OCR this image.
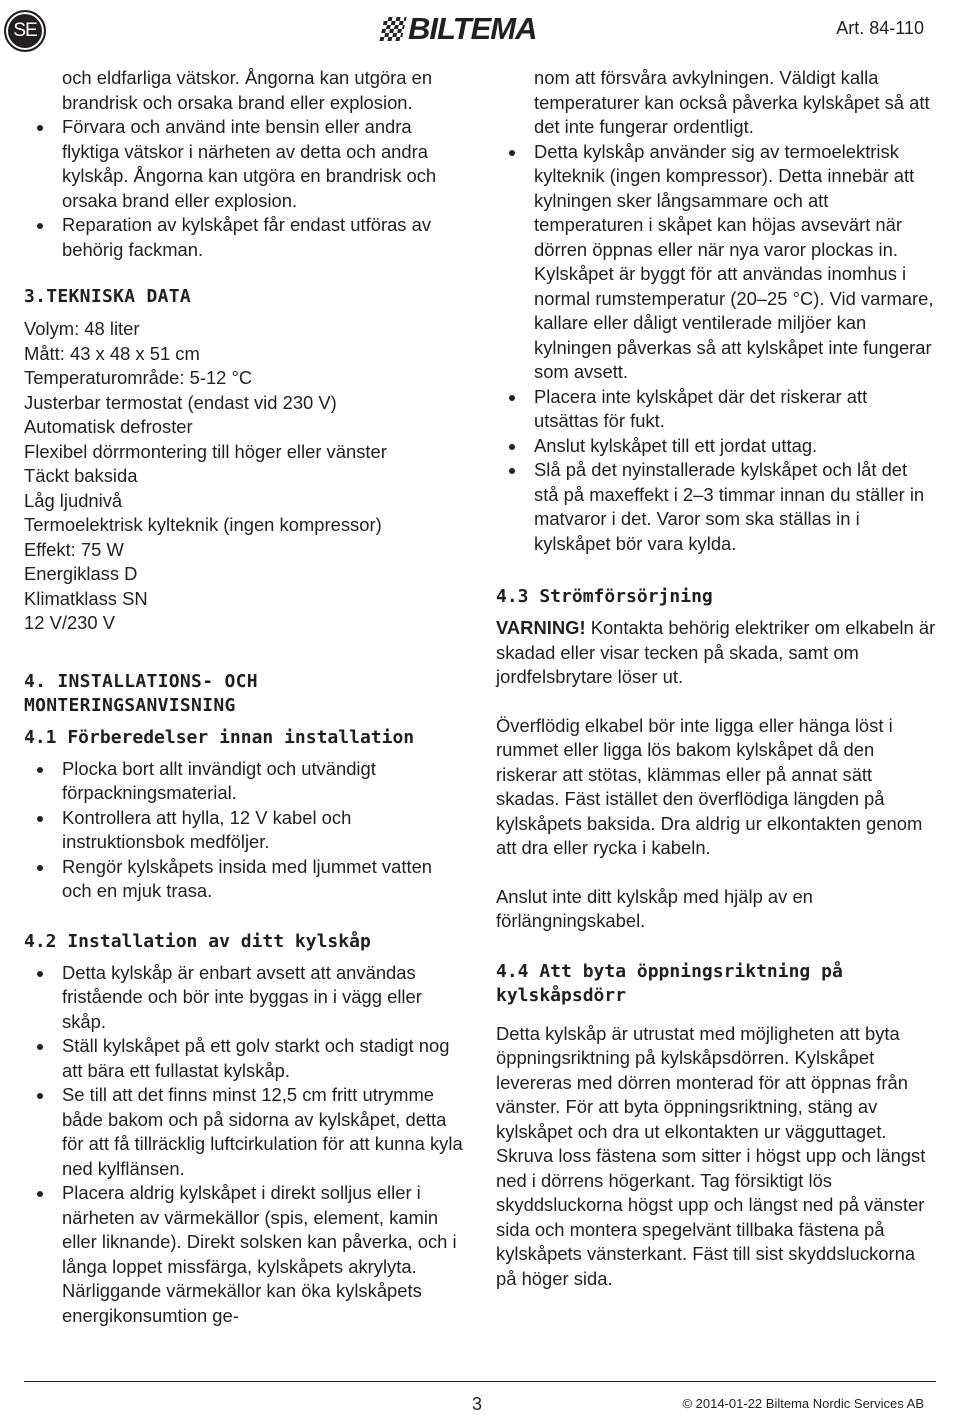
SE	BILTEMA	Art. 84-110
och eldfarliga vätskor. Ångorna kan utgöra en brandrisk och orsaka brand eller explosion.
Förvara och använd inte bensin eller andra flyktiga vätskor i närheten av detta och andra kylskåp. Ångorna kan utgöra en brandrisk och orsaka brand eller explosion.
Reparation av kylskåpet får endast utföras av behörig fackman.
3.TEKNISKA DATA
Volym: 48 liter
Mått: 43 x 48 x 51 cm
Temperaturområde: 5-12 °C
Justerbar termostat (endast vid 230 V)
Automatisk defroster
Flexibel dörrmontering till höger eller vänster
Täckt baksida
Låg ljudnivå
Termoelektrisk kylteknik (ingen kompressor)
Effekt: 75 W
Energiklass D
Klimatklass SN
12 V/230 V
4. INSTALLATIONS- OCH MONTERINGSANVISNING
4.1 Förberedelser innan installation
Plocka bort allt invändigt och utvändigt förpackningsmaterial.
Kontrollera att hylla, 12 V kabel och instruktionsbok medföljer.
Rengör kylskåpets insida med ljummet vatten och en mjuk trasa.
4.2 Installation av ditt kylskåp
Detta kylskåp är enbart avsett att användas fristående och bör inte byggas in i vägg eller skåp.
Ställ kylskåpet på ett golv starkt och stadigt nog att bära ett fullastat kylskåp.
Se till att det finns minst 12,5 cm fritt utrymme både bakom och på sidorna av kylskåpet, detta för att få tillräcklig luftcirkulation för att kunna kyla ned kylflänsen.
Placera aldrig kylskåpet i direkt solljus eller i närheten av värmekällor (spis, element, kamin eller liknande). Direkt solsken kan påverka, och i långa loppet missfärga, kylskåpets akrylyta. Närliggande värmekällor kan öka kylskåpets energikonsumtion ge-
nom att försvåra avkylningen. Väldigt kalla temperaturer kan också påverka kylskåpet så att det inte fungerar ordentligt.
Detta kylskåp använder sig av termoelektrisk kylteknik (ingen kompressor). Detta innebär att kylningen sker långsammare och att temperaturen i skåpet kan höjas avsevärt när dörren öppnas eller när nya varor plockas in. Kylskåpet är byggt för att användas inomhus i normal rumstemperatur (20–25 °C). Vid varmare, kallare eller dåligt ventilerade miljöer kan kylningen påverkas så att kylskåpet inte fungerar som avsett.
Placera inte kylskåpet där det riskerar att utsättas för fukt.
Anslut kylskåpet till ett jordat uttag.
Slå på det nyinstallerade kylskåpet och låt det stå på maxeffekt i 2–3 timmar innan du ställer in matvaror i det. Varor som ska ställas in i kylskåpet bör vara kylda.
4.3 Strömförsörjning

VARNING! Kontakta behörig elektriker om elkabeln är skadad eller visar tecken på skada, samt om jordfelsbrytare löser ut.

Överflödig elkabel bör inte ligga eller hänga löst i rummet eller ligga lös bakom kylskåpet då den riskerar att stötas, klämmas eller på annat sätt skadas. Fäst istället den överflödiga längden på kylskåpets baksida. Dra aldrig ur elkontakten genom att dra eller rycka i kabeln.

Anslut inte ditt kylskåp med hjälp av en förlängningskabel.

4.4 Att byta öppningsriktning på kylskåpsdörr

Detta kylskåp är utrustat med möjligheten att byta öppningsriktning på kylskåpsdörren. Kylskåpet levereras med dörren monterad för att öppnas från vänster. För att byta öppningsriktning, stäng av kylskåpet och dra ut elkontakten ur vägguttaget. Skruva loss fästena som sitter i högst upp och längst ned i dörrens högerkant. Tag försiktigt lös skyddsluckorna högst upp och längst ned på vänster sida och montera spegelvänt tillbaka fästena på kylskåpets vänsterkant. Fäst till sist skyddsluckorna på höger sida.

3	© 2014-01-22 Biltema Nordic Services AB
